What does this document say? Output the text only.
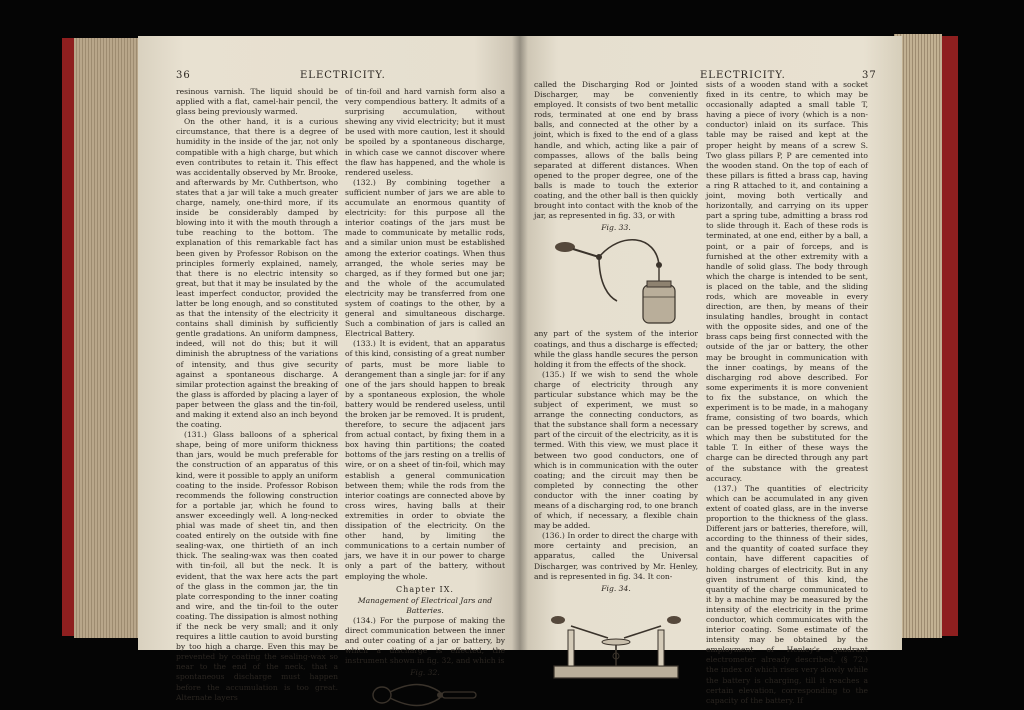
36	ELECTRICITY.

resinous varnish. The liquid should be applied with a flat, camel-hair pencil, the glass being previously warmed.

On the other hand, it is a curious circumstance, that there is a degree of humidity in the inside of the jar, not only compatible with a high charge, but which even contributes to retain it. This effect was accidentally observed by Mr. Brooke, and afterwards by Mr. Cuthbertson, who states that a jar will take a much greater charge, namely, one-third more, if its inside be considerably damped by blowing into it with the mouth through a tube reaching to the bottom. The explanation of this remarkable fact has been given by Professor Robison on the principles formerly explained, namely, that there is no electric intensity so great, but that it may be insulated by the least imperfect conductor, provided the latter be long enough, and so constituted as that the intensity of the electricity it contains shall diminish by sufficiently gentle gradations. An uniform dampness, indeed, will not do this; but it will diminish the abruptness of the variations of intensity, and thus give security against a spontaneous discharge. A similar protection against the breaking of the glass is afforded by placing a layer of paper between the glass and the tin-foil, and making it extend also an inch beyond the coating.

(131.) Glass balloons of a spherical shape, being of more uniform thickness than jars, would be much preferable for the construction of an apparatus of this kind, were it possible to apply an uniform coating to the inside. Professor Robison recommends the following construction for a portable jar, which he found to answer exceedingly well. A long-necked phial was made of sheet tin, and then coated entirely on the outside with fine sealing-wax, one thirtieth of an inch thick. The sealing-wax was then coated with tin-foil, all but the neck. It is evident, that the wax here acts the part of the glass in the common jar, the tin plate corresponding to the inner coating and wire, and the tin-foil to the outer coating. The dissipation is almost nothing if the neck be very small; and it only requires a little caution to avoid bursting by too high a charge. Even this may be prevented by coating the sealing-wax so near to the end of the neck, that a spontaneous discharge must happen before the accumulation is too great. Alternate layers

of tin-foil and hard varnish form also a very compendious battery. It admits of a surprising accumulation, without shewing any vivid electricity; but it must be used with more caution, lest it should be spoiled by a spontaneous discharge, in which case we cannot discover where the flaw has happened, and the whole is rendered useless.

(132.) By combining together a sufficient number of jars we are able to accumulate an enormous quantity of electricity: for this purpose all the interior coatings of the jars must be made to communicate by metallic rods, and a similar union must be established among the exterior coatings. When thus arranged, the whole series may be charged, as if they formed but one jar; and the whole of the accumulated electricity may be transferred from one system of coatings to the other, by a general and simultaneous discharge. Such a combination of jars is called an Electrical Battery.

(133.) It is evident, that an apparatus of this kind, consisting of a great number of parts, must be more liable to derangement than a single jar: for if any one of the jars should happen to break by a spontaneous explosion, the whole battery would be rendered useless, until the broken jar be removed. It is prudent, therefore, to secure the adjacent jars from actual contact, by fixing them in a box having thin partitions; the coated bottoms of the jars resting on a trellis of wire, or on a sheet of tin-foil, which may establish a general communication between them; while the rods from the interior coatings are connected above by cross wires, having balls at their extremities in order to obviate the dissipation of the electricity. On the other hand, by limiting the communications to a certain number of jars, we have it in our power to charge only a part of the battery, without employing the whole.

Chapter IX.

Management of Electrical Jars and Batteries.

(134.) For the purpose of making the direct communication between the inner and outer coating of a jar or battery, by which a discharge is effected, the instrument shown in fig. 32, and which is

Fig. 32.
ELECTRICITY.	37

called the Discharging Rod or Jointed Discharger, may be conveniently employed. It consists of two bent metallic rods, terminated at one end by brass balls, and connected at the other by a joint, which is fixed to the end of a glass handle, and which, acting like a pair of compasses, allows of the balls being separated at different distances. When opened to the proper degree, one of the balls is made to touch the exterior coating, and the other ball is then quickly brought into contact with the knob of the jar, as represented in fig. 33, or with

Fig. 33.

any part of the system of the interior coatings, and thus a discharge is effected; while the glass handle secures the person holding it from the effects of the shock.

(135.) If we wish to send the whole charge of electricity through any particular substance which may be the subject of experiment, we must so arrange the connecting conductors, as that the substance shall form a necessary part of the circuit of the electricity, as it is termed. With this view, we must place it between two good conductors, one of which is in communication with the outer coating; and the circuit may then be completed by connecting the other conductor with the inner coating by means of a discharging rod, to one branch of which, if necessary, a flexible chain may be added.

(136.) In order to direct the charge with more certainty and precision, an apparatus, called the Universal Discharger, was contrived by Mr. Henley, and is represented in fig. 34. It con-

Fig. 34.

sists of a wooden stand with a socket fixed in its centre, to which may be occasionally adapted a small table T, having a piece of ivory (which is a non-conductor) inlaid on its surface. This table may be raised and kept at the proper height by means of a screw S. Two glass pillars P, P are cemented into the wooden stand. On the top of each of these pillars is fitted a brass cap, having a ring R attached to it, and containing a joint, moving both vertically and horizontally, and carrying on its upper part a spring tube, admitting a brass rod to slide through it. Each of these rods is terminated, at one end, either by a ball, a point, or a pair of forceps, and is furnished at the other extremity with a handle of solid glass. The body through which the charge is intended to be sent, is placed on the table, and the sliding rods, which are moveable in every direction, are then, by means of their insulating handles, brought in contact with the opposite sides, and one of the brass caps being first connected with the outside of the jar or battery, the other may be brought in communication with the inner coatings, by means of the discharging rod above described. For some experiments it is more convenient to fix the substance, on which the experiment is to be made, in a mahogany frame, consisting of two boards, which can be pressed together by screws, and which may then be substituted for the table T. In either of these ways the charge can be directed through any part of the substance with the greatest accuracy.

(137.) The quantities of electricity which can be accumulated in any given extent of coated glass, are in the inverse proportion to the thickness of the glass. Different jars or batteries, therefore, will, according to the thinness of their sides, and the quantity of coated surface they contain, have different capacities of holding charges of electricity. But in any given instrument of this kind, the quantity of the charge communicated to it by a machine may be measured by the intensity of the electricity in the prime conductor, which communicates with the interior coating. Some estimate of the intensity may be obtained by the employment of Henley's quadrant electrometer already described, (§ 72.) the index of which rises very slowly while the battery is charging, till it reaches a certain elevation, corresponding to the capacity of the battery. If
